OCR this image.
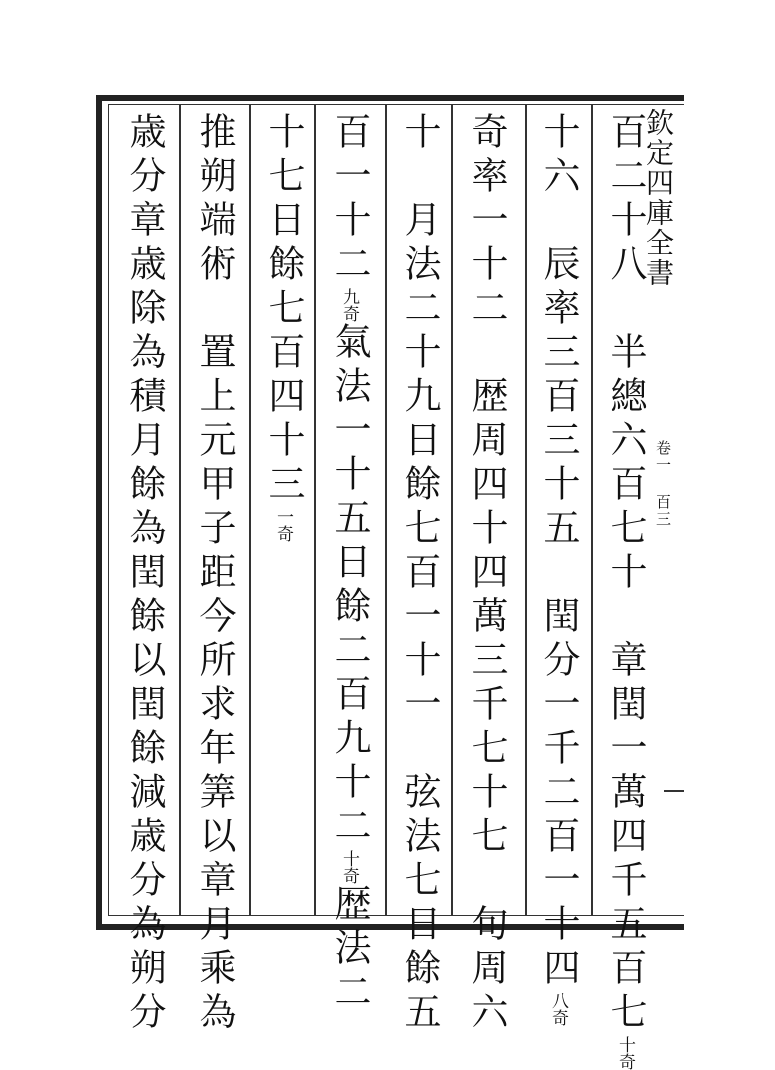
欽定四庫全書
卷一 百三
百二十八　半總六百七十　章閏一萬四千五百七十奇
十六　辰率三百三十五　閏分一千二百一十四八奇
奇率一十二　歴周四十四萬三千七十七　旬周六
十　月法二十九日餘七百一十一　弦法七日餘五
百一十二九奇氣法一十五日餘二百九十二十奇歴法二
十七日餘七百四十三一奇
推朔端術　置上元甲子距今所求年筭以章月乘為
歳分章歳除為積月餘為閏餘以閏餘減歳分為朔分
